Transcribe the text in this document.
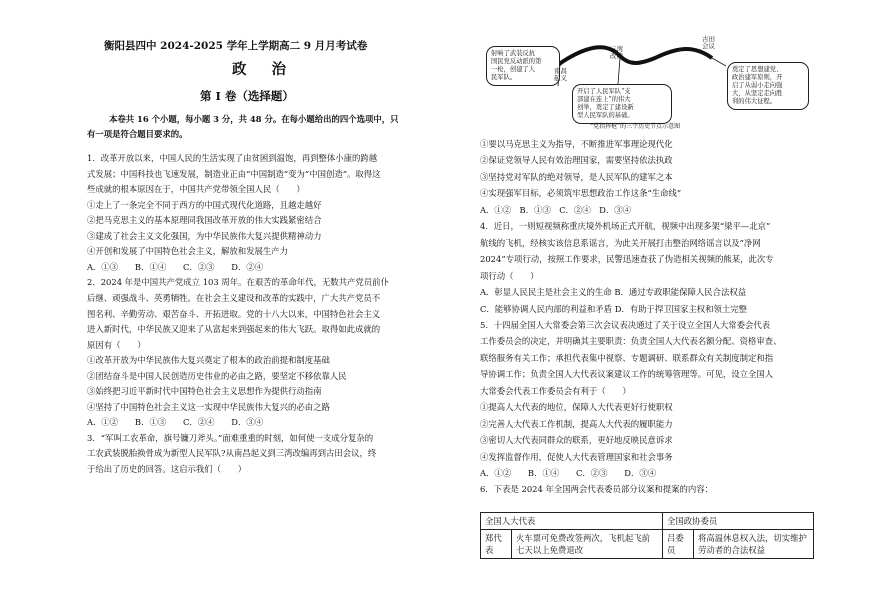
衡阳县四中 2024-2025 学年上学期高二 9 月月考试卷
政 治
第 I 卷（选择题）
本卷共 16 个小题，每小题 3 分，共 48 分。在每小题给出的四个选项中，只
有一项是符合题目要求的。
1．改革开放以来，中国人民的生活实现了由贫困到温饱，再到整体小康的跨越
式发展；中国科技也飞速发展，制造业正由“中国制造”变为“中国创造”。取得这
些成就的根本原因在于，中国共产党带领全国人民（　　）
①走上了一条完全不同于西方的中国式现代化道路，且越走越好
②把马克思主义的基本原理同我国改革开放的伟大实践紧密结合
③建成了社会主义文化强国，为中华民族伟大复兴提供精神动力
④开创和发展了中国特色社会主义，解放和发展生产力
A．①③　　B．①④　　C．②③　　D．②④
2．2024 年是中国共产党成立 103 周年。在艰苦的革命年代，无数共产党员前仆
后继、顽强战斗、英勇牺牲。在社会主义建设和改革的实践中，广大共产党员不
图名利、辛勤劳动、艰苦奋斗、开拓进取。党的十八大以来，中国特色社会主义
进入新时代，中华民族又迎来了从富起来到强起来的伟大飞跃。取得如此成就的
原因有（　　）
①改革开放为中华民族伟大复兴奠定了根本的政治前提和制度基础
②团结奋斗是中国人民创造历史伟业的必由之路，要坚定不移依靠人民
③始终把习近平新时代中国特色社会主义思想作为提供行动指南
④坚持了中国特色社会主义这一实现中华民族伟大复兴的必由之路
A．①②　　B．①③　　C．②④　　D．③④
3．“军叫工农革命，旗号镰刀斧头。”面难重重的时刻，如何使一支成分复杂的
工农武装脱胎换骨成为新型人民军队?从南昌起义到三湾改编再到古田会议，终
于给出了历史的回答。这启示我们（　　）
射响了武装反抗
国民党反动派的第
一枪，创建了人
民军队。
开启了人民军队“支
部建在连上”的伟大
创举，奠定了建设新
型人民军队的基础。
奠定了思想建党、
政治建军原则，开
启了从弱小走向强
大，从坚定走向胜
利的伟大征程。
南昌
起义
三湾
改编
古田
会议
“党指挥枪”的三个历史节点示意图
①要以马克思主义为指导，不断推进军事理论现代化
②保证党领导人民有效治理国家，需要坚持依法执政
③坚持党对军队的绝对领导，是人民军队的建军之本
④实现强军目标，必须筑牢思想政治工作这条“生命线”
A．①②　B．①③　C．②④　D．③④
4．近日，一则短视频称重庆境外机场正式开航，视频中出现多架“梁平—北京”
航线的飞机，经核实该信息系谣言，为此关开展打击整治网络谣言以及”净网
2024”专项行动，按照工作要求，民警迅速查获了伪造相关视频的熊某，此次专
项行动（　　）
A．彰显人民民主是社会主义的生命 B．通过专政职能保障人民合法权益
C．能够协调人民内部的利益和矛盾 D．有助于捍卫国家主权和领土完整
5．十四届全国人大常委会第三次会议表决通过了关于设立全国人大常委会代表
工作委员会的决定，并明确其主要职责：负责全国人大代表名额分配、资格审查、
联络服务有关工作；承担代表集中视察、专题调研、联系群众有关制度制定和指
导协调工作；负责全国人大代表议案建议工作的统筹管理等。可见，设立全国人
大常委会代表工作委员会有利于（　　）
①提高人大代表的地位，保障人大代表更好行使职权
②完善人大代表工作机制，提高人大代表的履职能力
③密切人大代表同群众的联系，更好地反映民意诉求
④发挥监督作用，促使人大代表管理国家和社会事务
A．①②　　B．①④　　C．②③　　D．③④
6．下表是 2024 年全国两会代表委员部分议案和提案的内容：
全国人大代表		全国政协委员	
郑代表	火车票可免费改签两次，飞机起飞前七天以上免费退改	吕委员	将高温休息权入法，切实维护劳动者的合法权益
